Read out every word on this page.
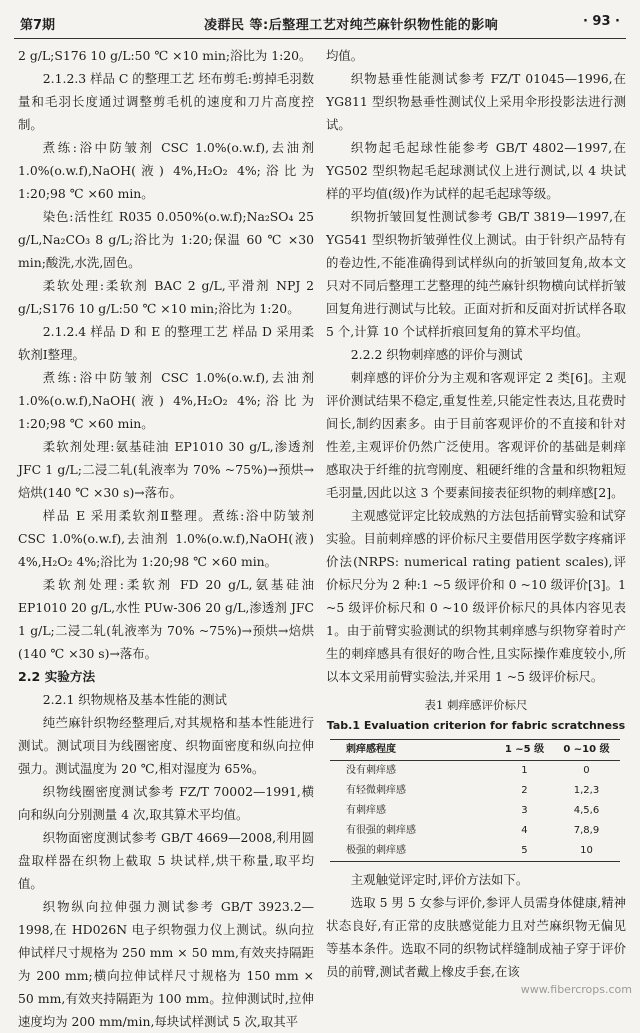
第7期	凌群民 等:后整理工艺对纯苎麻针织物性能的影响	· 93 ·

2 g/L;S176 10 g/L:50 ℃ ×10 min;浴比为 1:20。

2.1.2.3 样品 C 的整理工艺 坯布剪毛:剪掉毛羽数量和毛羽长度通过调整剪毛机的速度和刀片高度控制。

煮练:浴中防皱剂 CSC 1.0%(o.w.f),去油剂 1.0%(o.w.f),NaOH(液) 4%,H₂O₂ 4%;浴比为 1:20;98 ℃ ×60 min。

染色:活性红 R035 0.050%(o.w.f);Na₂SO₄ 25 g/L,Na₂CO₃ 8 g/L;浴比为 1:20;保温 60 ℃ ×30 min;酸洗,水洗,固色。

柔软处理:柔软剂 BAC 2 g/L,平滑剂 NPJ 2 g/L;S176 10 g/L:50 ℃ ×10 min;浴比为 1:20。

2.1.2.4 样品 D 和 E 的整理工艺 样品 D 采用柔软剂Ⅰ整理。

煮练:浴中防皱剂 CSC 1.0%(o.w.f),去油剂 1.0%(o.w.f),NaOH(液) 4%,H₂O₂ 4%;浴比为 1:20;98 ℃ ×60 min。

柔软剂处理:氨基硅油 EP1010 30 g/L,渗透剂 JFC 1 g/L;二浸二轧(轧液率为 70% ~75%)→预烘→焙烘(140 ℃ ×30 s)→落布。

样品 E 采用柔软剂Ⅱ整理。煮练:浴中防皱剂 CSC 1.0%(o.w.f),去油剂 1.0%(o.w.f),NaOH(液) 4%,H₂O₂ 4%;浴比为 1:20;98 ℃ ×60 min。

柔软剂处理:柔软剂 FD 20 g/L,氨基硅油 EP1010 20 g/L,水性 PUw-306 20 g/L,渗透剂 JFC 1 g/L;二浸二轧(轧液率为 70% ~75%)→预烘→焙烘(140 ℃ ×30 s)→落布。

2.2 实验方法

2.2.1 织物规格及基本性能的测试

纯苎麻针织物经整理后,对其规格和基本性能进行测试。测试项目为线圈密度、织物面密度和纵向拉伸强力。测试温度为 20 ℃,相对湿度为 65%。

织物线圈密度测试参考 FZ/T 70002—1991,横向和纵向分别测量 4 次,取其算术平均值。

织物面密度测试参考 GB/T 4669—2008,利用圆盘取样器在织物上截取 5 块试样,烘干称量,取平均值。

织物纵向拉伸强力测试参考 GB/T 3923.2—1998,在 HD026N 电子织物强力仪上测试。纵向拉伸试样尺寸规格为 250 mm × 50 mm,有效夹持隔距为 200 mm;横向拉伸试样尺寸规格为 150 mm × 50 mm,有效夹持隔距为 100 mm。拉伸测试时,拉伸速度均为 200 mm/min,每块试样测试 5 次,取其平

均值。

织物悬垂性能测试参考 FZ/T 01045—1996,在 YG811 型织物悬垂性测试仪上采用伞形投影法进行测试。

织物起毛起球性能参考 GB/T 4802—1997,在 YG502 型织物起毛起球测试仪上进行测试,以 4 块试样的平均值(级)作为试样的起毛起球等级。

织物折皱回复性测试参考 GB/T 3819—1997,在 YG541 型织物折皱弹性仪上测试。由于针织产品特有的卷边性,不能准确得到试样纵向的折皱回复角,故本文只对不同后整理工艺整理的纯苎麻针织物横向试样折皱回复角进行测试与比较。正面对折和反面对折试样各取 5 个,计算 10 个试样折痕回复角的算术平均值。

2.2.2 织物刺痒感的评价与测试

刺痒感的评价分为主观和客观评定 2 类[6]。主观评价测试结果不稳定,重复性差,只能定性表达,且花费时间长,制约因素多。由于目前客观评价的不直接和针对性差,主观评价仍然广泛使用。客观评价的基础是刺痒感取决于纤维的抗弯刚度、粗硬纤维的含量和织物粗短毛羽量,因此以这 3 个要素间接表征织物的刺痒感[2]。

主观感觉评定比较成熟的方法包括前臂实验和试穿实验。目前刺痒感的评价标尺主要借用医学数字疼痛评价法(NRPS: numerical rating patient scales),评价标尺分为 2 种:1 ~5 级评价和 0 ~10 级评价[3]。1 ~5 级评价标尺和 0 ~10 级评价标尺的具体内容见表 1。由于前臂实验测试的织物其刺痒感与织物穿着时产生的刺痒感具有很好的吻合性,且实际操作难度较小,所以本文采用前臂实验法,并采用 1 ~5 级评价标尺。

表1 刺痒感评价标尺
Tab.1 Evaluation criterion for fabric scratchness
刺痒感程度	1 ~5 级	0 ~10 级
没有刺痒感	1	0
有轻微刺痒感	2	1,2,3
有刺痒感	3	4,5,6
有很强的刺痒感	4	7,8,9
极强的刺痒感	5	10

主观触觉评定时,评价方法如下。

选取 5 男 5 女参与评价,参评人员需身体健康,精神状态良好,有正常的皮肤感觉能力且对苎麻织物无偏见等基本条件。选取不同的织物试样缝制成袖子穿于评价员的前臂,测试者戴上橡皮手套,在该

www.fibercrops.com
